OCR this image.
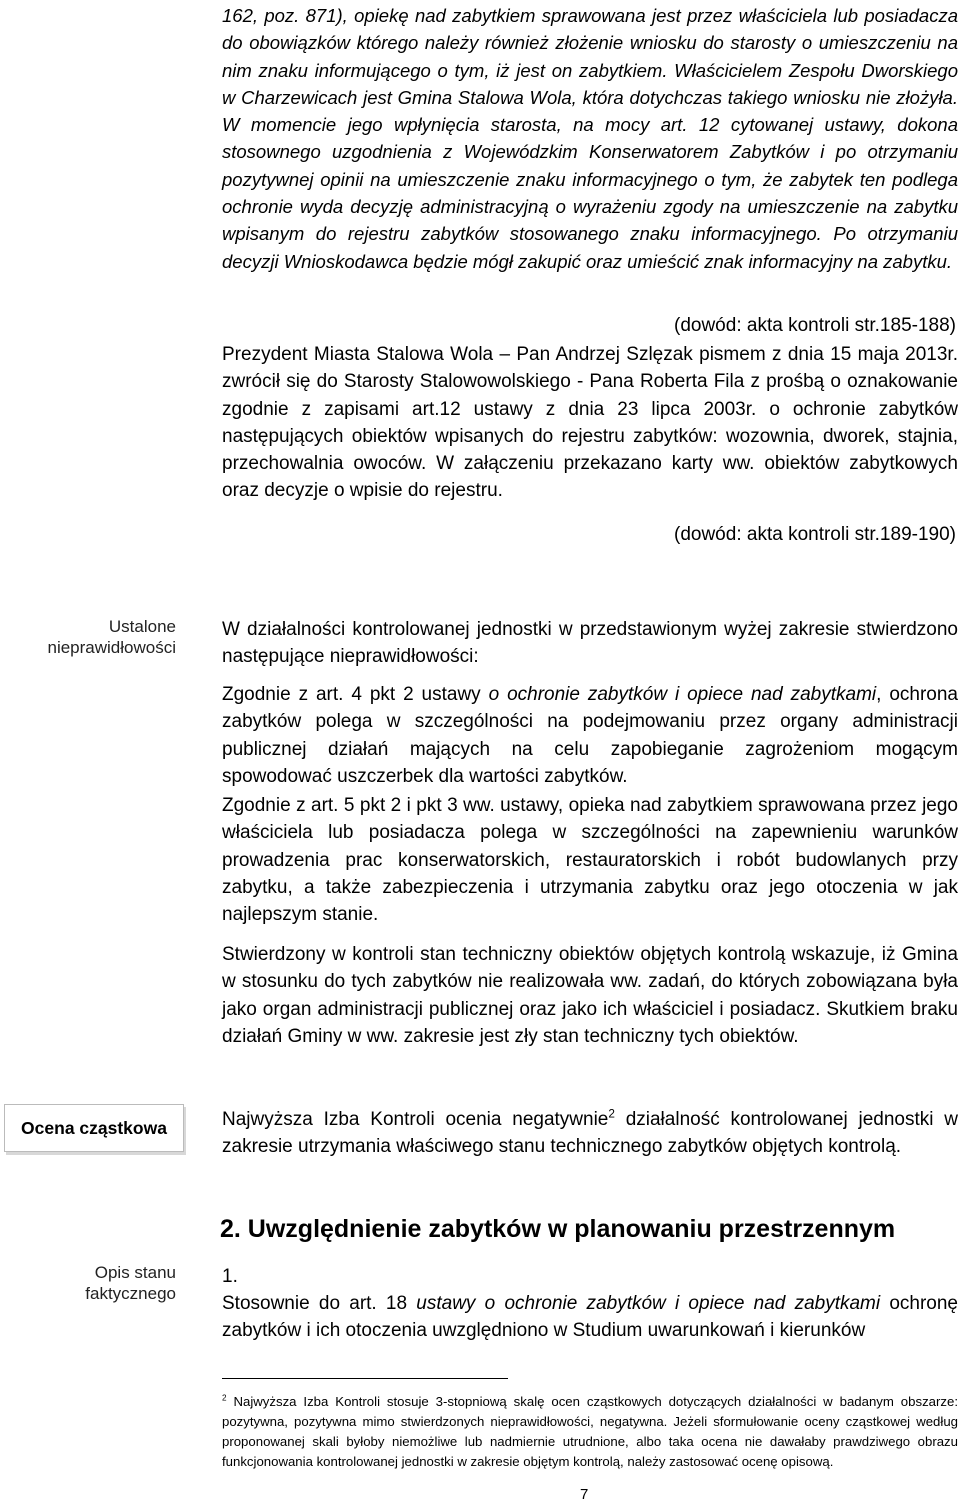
162, poz. 871), opiekę nad zabytkiem sprawowana jest przez właściciela lub posiadacza do obowiązków którego należy również złożenie wniosku do starosty o umieszczeniu na nim znaku informującego o tym, iż jest on zabytkiem. Właścicielem Zespołu Dworskiego w Charzewicach jest Gmina Stalowa Wola, która dotychczas takiego wniosku nie złożyła. W momencie jego wpłynięcia starosta, na mocy art. 12 cytowanej ustawy, dokona stosownego uzgodnienia z Wojewódzkim Konserwatorem Zabytków i po otrzymaniu pozytywnej opinii na umieszczenie znaku informacyjnego o tym, że zabytek ten podlega ochronie wyda decyzję administracyjną o wyrażeniu zgody na umieszczenie na zabytku wpisanym do rejestru zabytków stosowanego znaku informacyjnego. Po otrzymaniu decyzji Wnioskodawca będzie mógł zakupić oraz umieścić znak informacyjny na zabytku.
(dowód: akta kontroli str.185-188)
Prezydent Miasta Stalowa Wola – Pan Andrzej Szlęzak pismem z dnia 15 maja 2013r. zwrócił się do Starosty Stalowowolskiego - Pana Roberta Fila z prośbą o oznakowanie zgodnie z zapisami art.12 ustawy z dnia 23 lipca 2003r. o ochronie zabytków następujących obiektów wpisanych do rejestru zabytków: wozownia, dworek, stajnia, przechowalnia owoców. W załączeniu przekazano karty ww. obiektów zabytkowych oraz decyzje o wpisie do rejestru.
(dowód: akta kontroli str.189-190)
Ustalone
nieprawidłowości
W działalności kontrolowanej jednostki w przedstawionym wyżej zakresie stwierdzono następujące nieprawidłowości:
Zgodnie z art. 4 pkt 2 ustawy o ochronie zabytków i opiece nad zabytkami, ochrona zabytków polega w szczególności na podejmowaniu przez organy administracji publicznej działań mających na celu zapobieganie zagrożeniom mogącym spowodować uszczerbek dla wartości zabytków.
Zgodnie z art. 5 pkt 2 i pkt 3 ww. ustawy, opieka nad zabytkiem sprawowana przez jego właściciela lub posiadacza polega w szczególności na zapewnieniu warunków prowadzenia prac konserwatorskich, restauratorskich i robót budowlanych przy zabytku, a także zabezpieczenia i utrzymania zabytku oraz jego otoczenia w jak najlepszym stanie.
Stwierdzony w kontroli stan techniczny obiektów objętych kontrolą wskazuje, iż Gmina w stosunku do tych zabytków nie realizowała ww. zadań, do których zobowiązana była jako organ administracji publicznej oraz jako ich właściciel i posiadacz. Skutkiem braku działań Gminy w ww. zakresie jest zły stan techniczny tych obiektów.
Ocena cząstkowa	Najwyższa Izba Kontroli ocenia negatywnie$^2$ działalność kontrolowanej jednostki w zakresie utrzymania właściwego stanu technicznego zabytków objętych kontrolą.
2. Uwzględnienie zabytków w planowaniu przestrzennym
Opis stanu
faktycznego
1.
Stosownie do art. 18 ustawy o ochronie zabytków i opiece nad zabytkami ochronę zabytków i ich otoczenia uwzględniono w Studium uwarunkowań i kierunków
$^2$ Najwyższa Izba Kontroli stosuje 3-stopniową skalę ocen cząstkowych dotyczących działalności w badanym obszarze: pozytywna, pozytywna mimo stwierdzonych nieprawidłowości, negatywna. Jeżeli sformułowanie oceny cząstkowej według proponowanej skali byłoby niemożliwe lub nadmiernie utrudnione, albo taka ocena nie dawałaby prawdziwego obrazu funkcjonowania kontrolowanej jednostki w zakresie objętym kontrolą, należy zastosować ocenę opisową.
7
